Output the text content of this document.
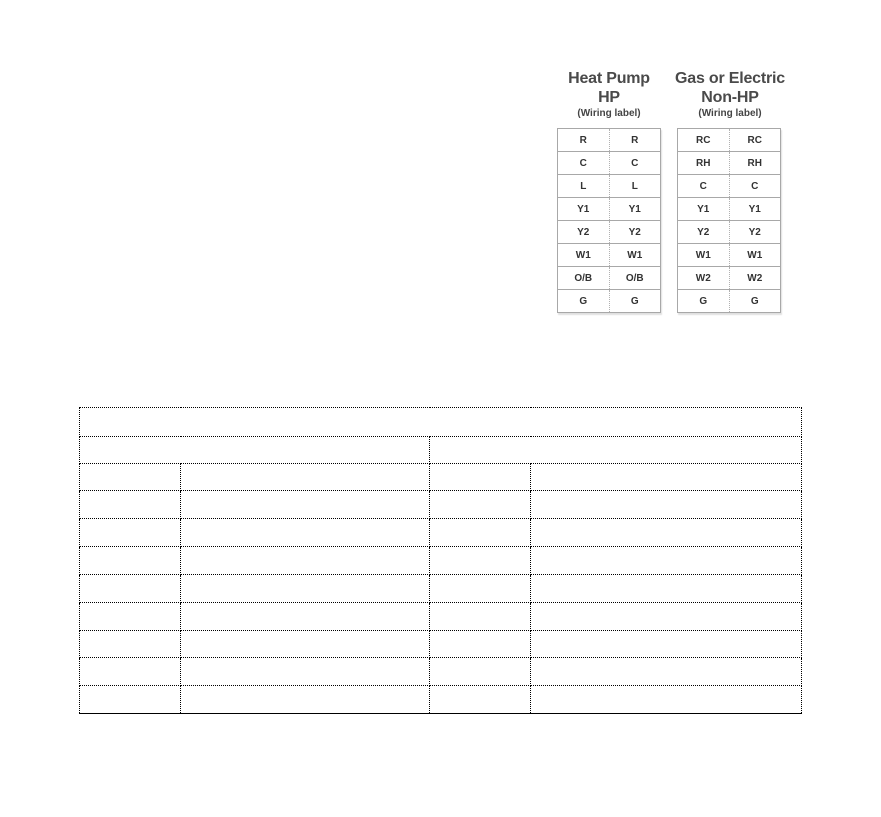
Heat Pump
HP
(Wiring label)
Gas or Electric
Non-HP
(Wiring label)
R	R
C	C
L	L
Y1	Y1
Y2	Y2
W1	W1
O/B	O/B
G	G
RC	RC
RH	RH
C	C
Y1	Y1
Y2	Y2
W1	W1
W2	W2
G	G
